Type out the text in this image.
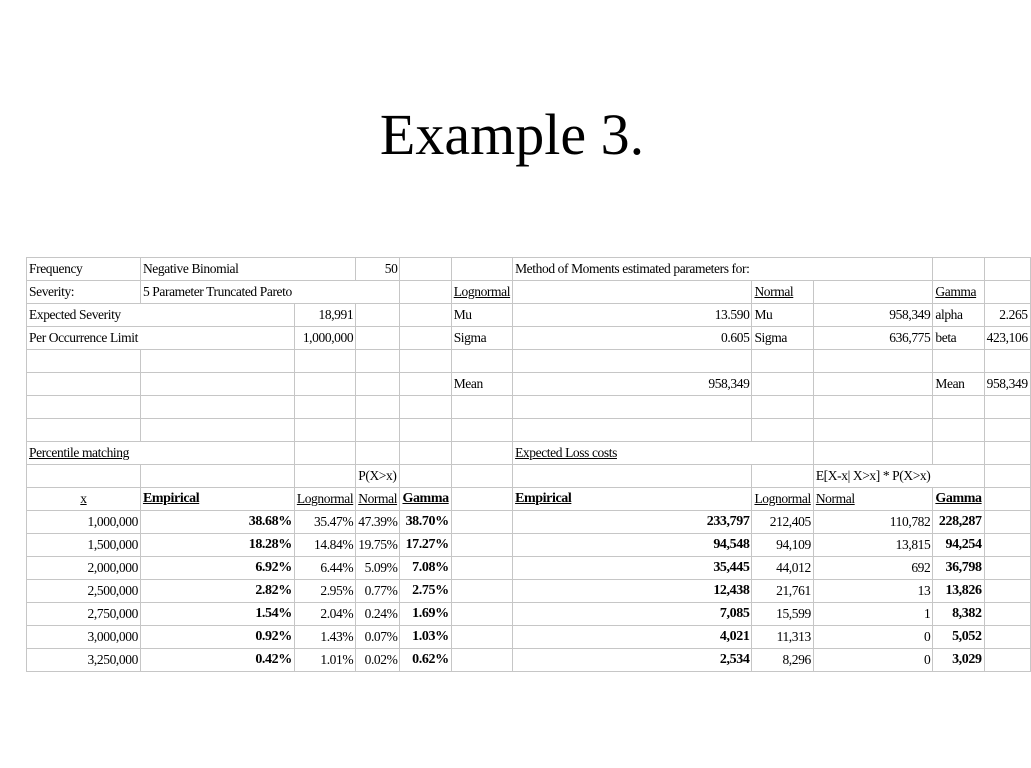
Example 3.
Frequency	Negative Binomial		50			Method of Moments estimated parameters for:				
Severity:	5 Parameter Truncated Pareto				Lognormal		Normal		Gamma	
Expected Severity		18,991			Mu	13.590	Mu	958,349	alpha	2.265
Per Occurrence Limit		1,000,000			Sigma	0.605	Sigma	636,775	beta	423,106

					Mean	958,349			Mean	958,349

Percentile matching						Expected Loss costs				
			P(X>x)					E[X-x| X>x] * P(X>x)		
x	Empirical	Lognormal	Normal	Gamma		Empirical	Lognormal	Normal	Gamma	
1,000,000	38.68%	35.47%	47.39%	38.70%		233,797	212,405	110,782	228,287	
1,500,000	18.28%	14.84%	19.75%	17.27%		94,548	94,109	13,815	94,254	
2,000,000	6.92%	6.44%	5.09%	7.08%		35,445	44,012	692	36,798	
2,500,000	2.82%	2.95%	0.77%	2.75%		12,438	21,761	13	13,826	
2,750,000	1.54%	2.04%	0.24%	1.69%		7,085	15,599	1	8,382	
3,000,000	0.92%	1.43%	0.07%	1.03%		4,021	11,313	0	5,052	
3,250,000	0.42%	1.01%	0.02%	0.62%		2,534	8,296	0	3,029	
